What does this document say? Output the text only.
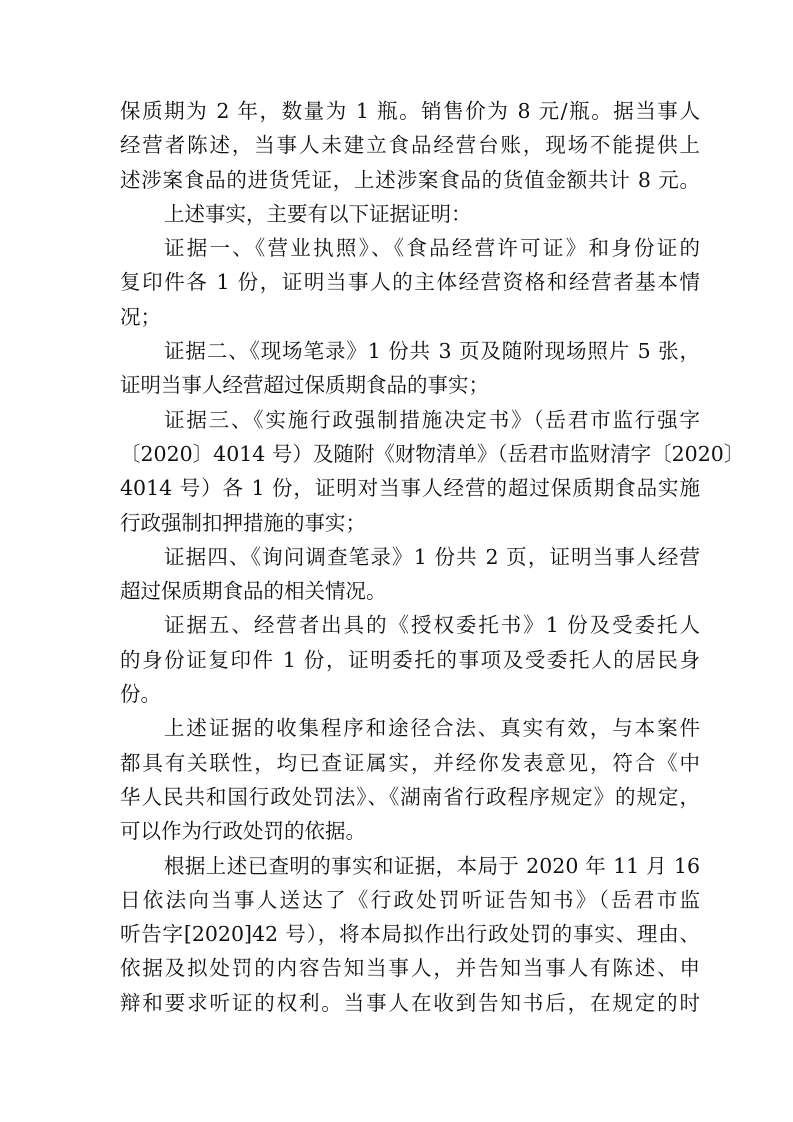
保质期为 2 年，数量为 1 瓶。销售价为 8 元/瓶。据当事人
经营者陈述，当事人未建立食品经营台账，现场不能提供上
述涉案食品的进货凭证，上述涉案食品的货值金额共计 8 元。
上述事实，主要有以下证据证明：
证据一、《营业执照》、《食品经营许可证》和身份证的
复印件各 1 份，证明当事人的主体经营资格和经营者基本情
况；
证据二、《现场笔录》1 份共 3 页及随附现场照片 5 张，
证明当事人经营超过保质期食品的事实；
证据三、《实施行政强制措施决定书》（岳君市监行强字
〔2020〕4014 号）及随附《财物清单》（岳君市监财清字〔2020〕
4014 号）各 1 份，证明对当事人经营的超过保质期食品实施
行政强制扣押措施的事实；
证据四、《询问调查笔录》1 份共 2 页，证明当事人经营
超过保质期食品的相关情况。
证据五、经营者出具的《授权委托书》1 份及受委托人
的身份证复印件 1 份，证明委托的事项及受委托人的居民身
份。
上述证据的收集程序和途径合法、真实有效，与本案件
都具有关联性，均已查证属实，并经你发表意见，符合《中
华人民共和国行政处罚法》、《湖南省行政程序规定》的规定，
可以作为行政处罚的依据。
根据上述已查明的事实和证据，本局于 2020 年 11 月 16
日依法向当事人送达了《行政处罚听证告知书》（岳君市监
听告字[2020]42 号），将本局拟作出行政处罚的事实、理由、
依据及拟处罚的内容告知当事人，并告知当事人有陈述、申
辩和要求听证的权利。当事人在收到告知书后，在规定的时
